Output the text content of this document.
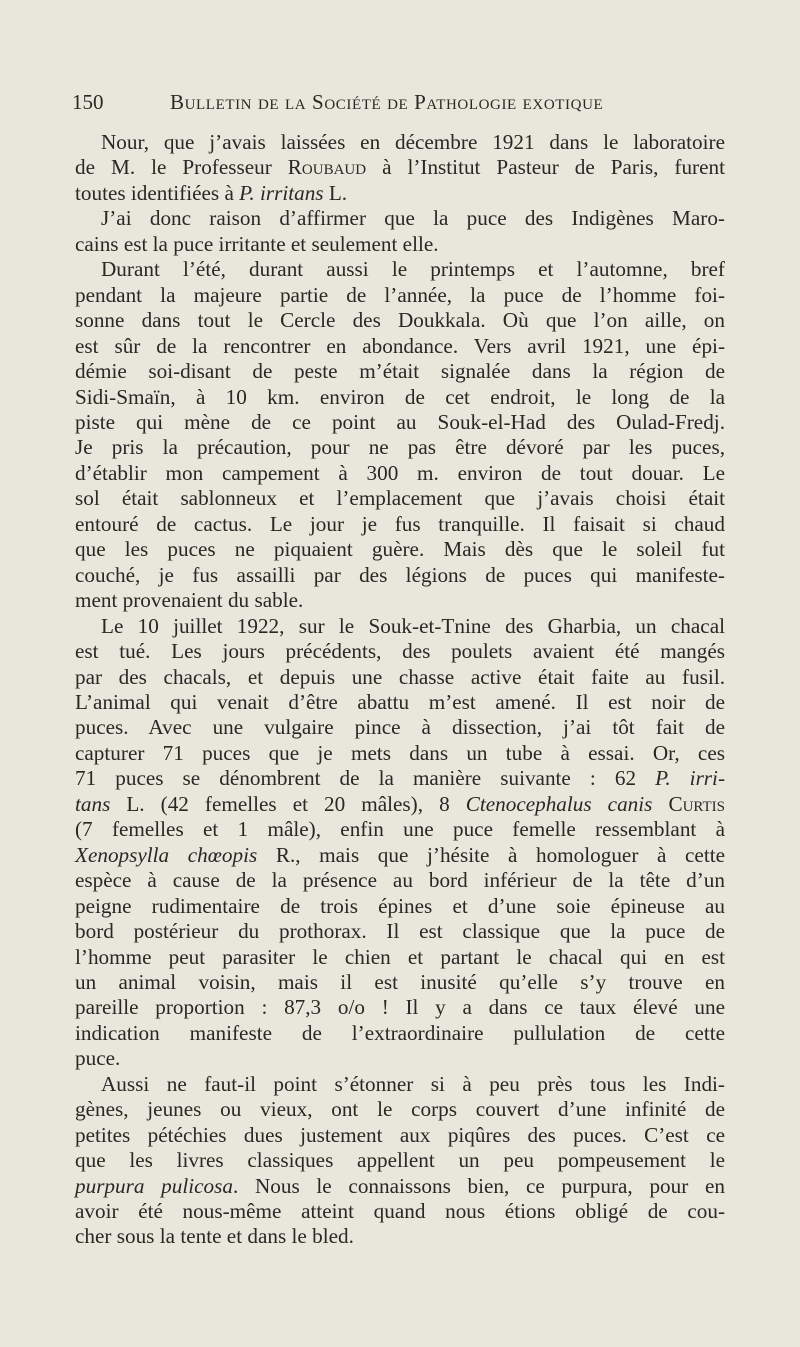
150	Bulletin de la Société de Pathologie exotique
Nour, que j’avais laissées en décembre 1921 dans le laboratoire
de M. le Professeur Roubaud à l’Institut Pasteur de Paris, furent
toutes identifiées à P. irritans L.
J’ai donc raison d’affirmer que la puce des Indigènes Maro-
cains est la puce irritante et seulement elle.
Durant l’été, durant aussi le printemps et l’automne, bref
pendant la majeure partie de l’année, la puce de l’homme foi-
sonne dans tout le Cercle des Doukkala. Où que l’on aille, on
est sûr de la rencontrer en abondance. Vers avril 1921, une épi-
démie soi-disant de peste m’était signalée dans la région de
Sidi-Smaïn, à 10 km. environ de cet endroit, le long de la
piste qui mène de ce point au Souk-el-Had des Oulad-Fredj.
Je pris la précaution, pour ne pas être dévoré par les puces,
d’établir mon campement à 300 m. environ de tout douar. Le
sol était sablonneux et l’emplacement que j’avais choisi était
entouré de cactus. Le jour je fus tranquille. Il faisait si chaud
que les puces ne piquaient guère. Mais dès que le soleil fut
couché, je fus assailli par des légions de puces qui manifeste-
ment provenaient du sable.
Le 10 juillet 1922, sur le Souk-et-Tnine des Gharbia, un chacal
est tué. Les jours précédents, des poulets avaient été mangés
par des chacals, et depuis une chasse active était faite au fusil.
L’animal qui venait d’être abattu m’est amené. Il est noir de
puces. Avec une vulgaire pince à dissection, j’ai tôt fait de
capturer 71 puces que je mets dans un tube à essai. Or, ces
71 puces se dénombrent de la manière suivante : 62 P. irri-
tans L. (42 femelles et 20 mâles), 8 Ctenocephalus canis Curtis
(7 femelles et 1 mâle), enfin une puce femelle ressemblant à
Xenopsylla chœopis R., mais que j’hésite à homologuer à cette
espèce à cause de la présence au bord inférieur de la tête d’un
peigne rudimentaire de trois épines et d’une soie épineuse au
bord postérieur du prothorax. Il est classique que la puce de
l’homme peut parasiter le chien et partant le chacal qui en est
un animal voisin, mais il est inusité qu’elle s’y trouve en
pareille proportion : 87,3 o/o ! Il y a dans ce taux élevé une
indication manifeste de l’extraordinaire pullulation de cette
puce.
Aussi ne faut-il point s’étonner si à peu près tous les Indi-
gènes, jeunes ou vieux, ont le corps couvert d’une infinité de
petites pétéchies dues justement aux piqûres des puces. C’est ce
que les livres classiques appellent un peu pompeusement le
purpura pulicosa. Nous le connaissons bien, ce purpura, pour en
avoir été nous-même atteint quand nous étions obligé de cou-
cher sous la tente et dans le bled.
